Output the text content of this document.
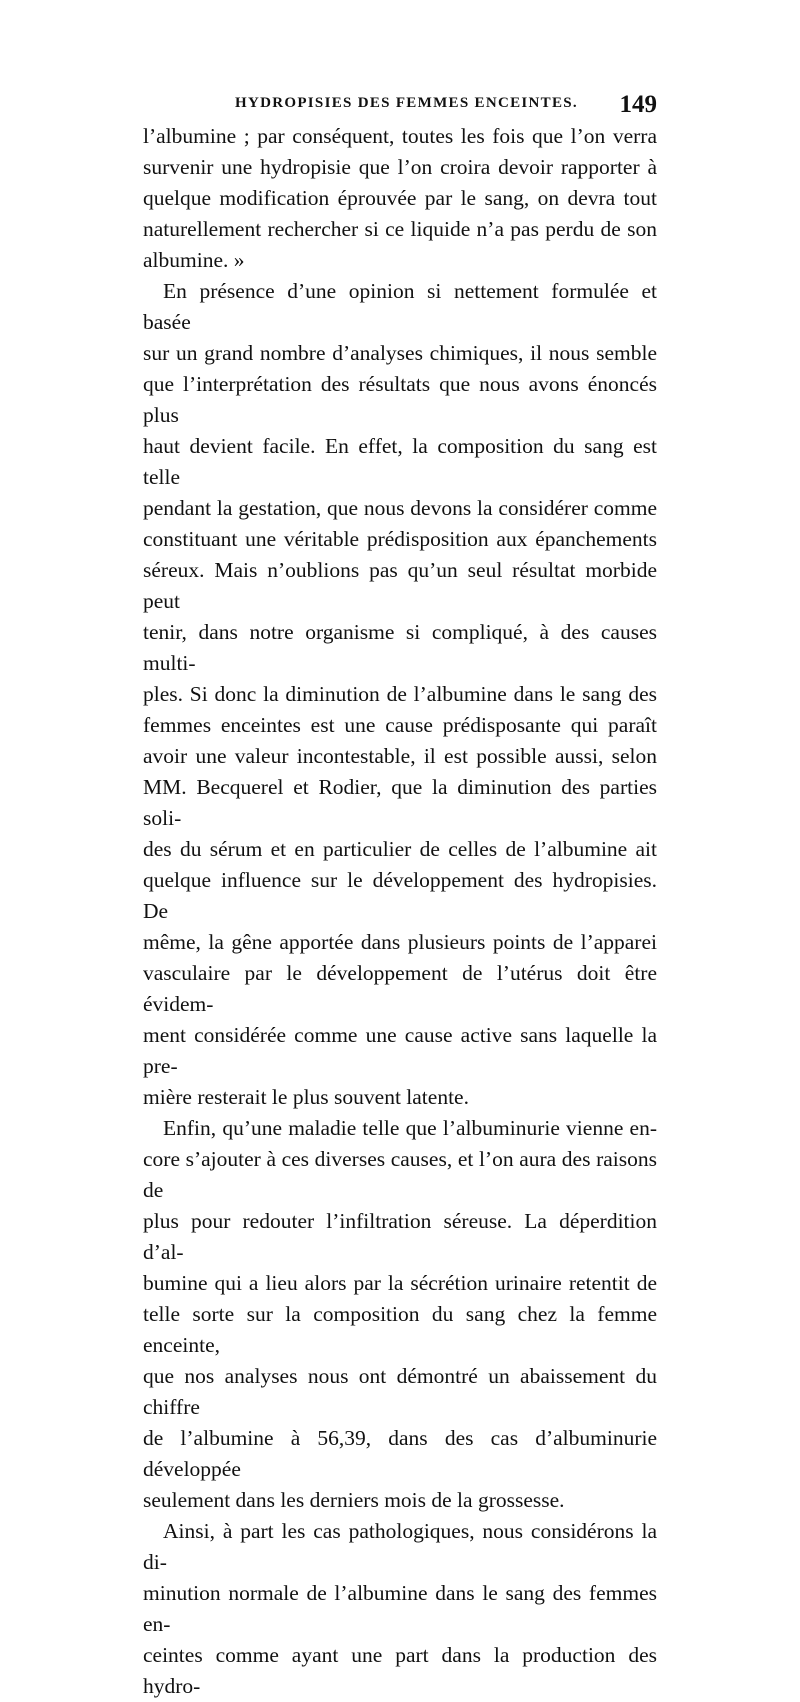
HYDROPISIES DES FEMMES ENCEINTES. 149

l’albumine ; par conséquent, toutes les fois que l’on verra

survenir une hydropisie que l’on croira devoir rapporter à

quelque modification éprouvée par le sang, on devra tout

naturellement rechercher si ce liquide n’a pas perdu de son

albumine. »

En présence d’une opinion si nettement formulée et basée

sur un grand nombre d’analyses chimiques, il nous semble

que l’interprétation des résultats que nous avons énoncés plus

haut devient facile. En effet, la composition du sang est telle

pendant la gestation, que nous devons la considérer comme

constituant une véritable prédisposition aux épanchements

séreux. Mais n’oublions pas qu’un seul résultat morbide peut

tenir, dans notre organisme si compliqué, à des causes multi-

ples. Si donc la diminution de l’albumine dans le sang des

femmes enceintes est une cause prédisposante qui paraît

avoir une valeur incontestable, il est possible aussi, selon

MM. Becquerel et Rodier, que la diminution des parties soli-

des du sérum et en particulier de celles de l’albumine ait

quelque influence sur le développement des hydropisies. De

même, la gêne apportée dans plusieurs points de l’apparei

vasculaire par le développement de l’utérus doit être évidem-

ment considérée comme une cause active sans laquelle la pre-

mière resterait le plus souvent latente.

Enfin, qu’une maladie telle que l’albuminurie vienne en-

core s’ajouter à ces diverses causes, et l’on aura des raisons de

plus pour redouter l’infiltration séreuse. La déperdition d’al-

bumine qui a lieu alors par la sécrétion urinaire retentit de

telle sorte sur la composition du sang chez la femme enceinte,

que nos analyses nous ont démontré un abaissement du chiffre

de l’albumine à 56,39, dans des cas d’albuminurie développée

seulement dans les derniers mois de la grossesse.

Ainsi, à part les cas pathologiques, nous considérons la di-

minution normale de l’albumine dans le sang des femmes en-

ceintes comme ayant une part dans la production des hydro-
